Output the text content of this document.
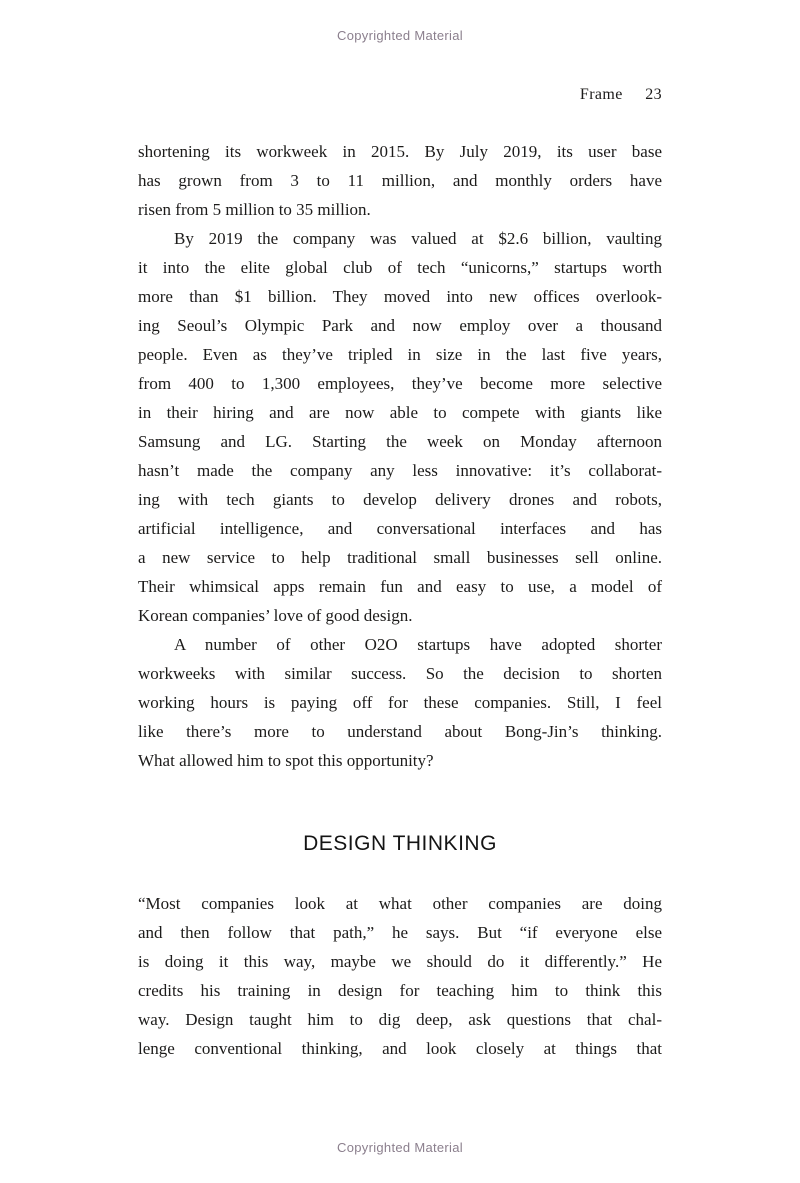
Copyrighted Material
Frame 23
shortening its workweek in 2015. By July 2019, its user base
has grown from 3 to 11 million, and monthly orders have
risen from 5 million to 35 million.
By 2019 the company was valued at $2.6 billion, vaulting
it into the elite global club of tech “unicorns,” startups worth
more than $1 billion. They moved into new offices overlook-
ing Seoul’s Olympic Park and now employ over a thousand
people. Even as they’ve tripled in size in the last five years,
from 400 to 1,300 employees, they’ve become more selective
in their hiring and are now able to compete with giants like
Samsung and LG. Starting the week on Monday afternoon
hasn’t made the company any less innovative: it’s collaborat-
ing with tech giants to develop delivery drones and robots,
artificial intelligence, and conversational interfaces and has
a new service to help traditional small businesses sell online.
Their whimsical apps remain fun and easy to use, a model of
Korean companies’ love of good design.
A number of other O2O startups have adopted shorter
workweeks with similar success. So the decision to shorten
working hours is paying off for these companies. Still, I feel
like there’s more to understand about Bong-Jin’s thinking.
What allowed him to spot this opportunity?
DESIGN THINKING
“Most companies look at what other companies are doing
and then follow that path,” he says. But “if everyone else
is doing it this way, maybe we should do it differently.” He
credits his training in design for teaching him to think this
way. Design taught him to dig deep, ask questions that chal-
lenge conventional thinking, and look closely at things that
Copyrighted Material
